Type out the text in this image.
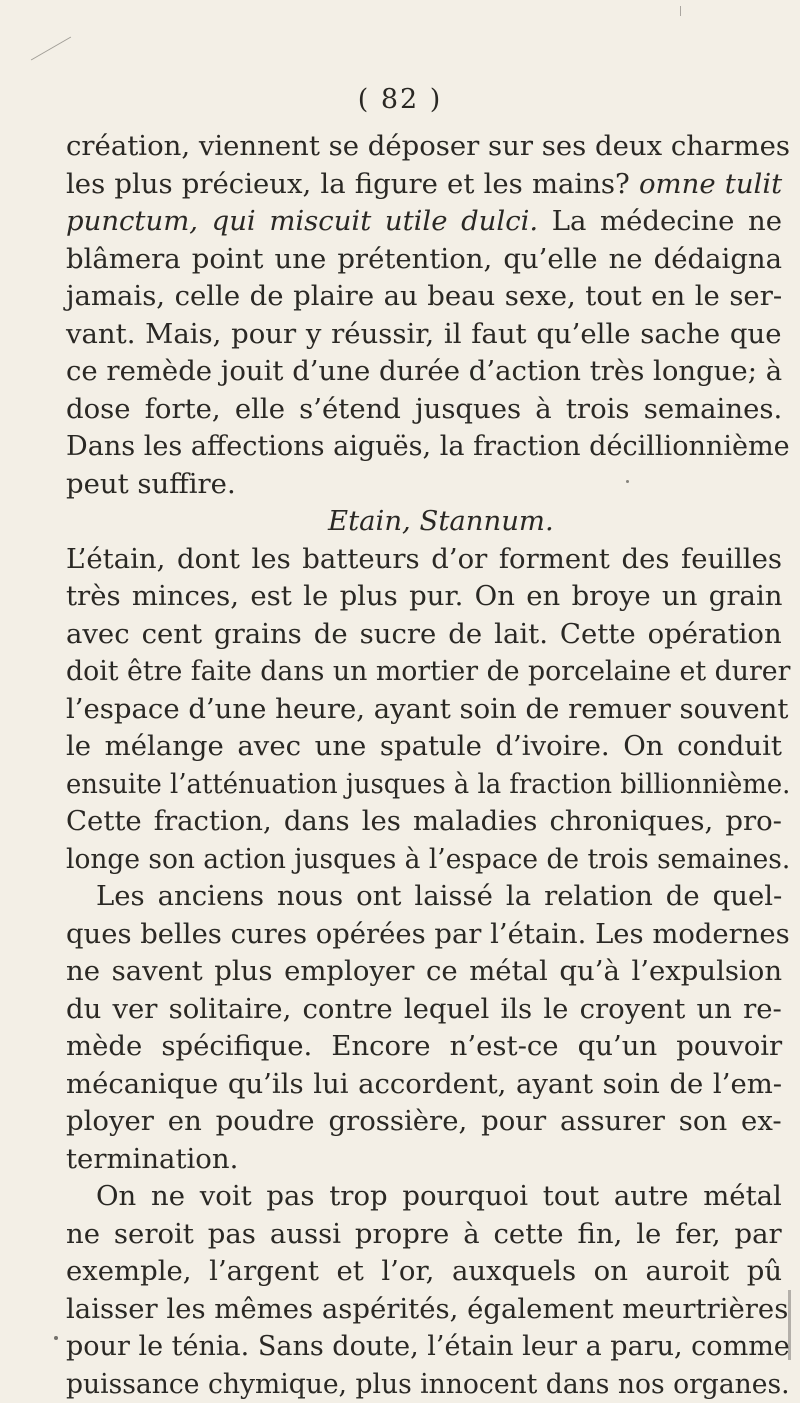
( 82 )
création, viennent se déposer sur ses deux charmes
les plus précieux, la figure et les mains? omne tulit
punctum, qui miscuit utile dulci. La médecine ne
blâmera point une prétention, qu’elle ne dédaigna
jamais, celle de plaire au beau sexe, tout en le ser-
vant. Mais, pour y réussir, il faut qu’elle sache que
ce remède jouit d’une durée d’action très longue; à
dose forte, elle s’étend jusques à trois semaines.
Dans les affections aiguës, la fraction décillionnième
peut suffire.
Etain, Stannum.
L’étain, dont les batteurs d’or forment des feuilles
très minces, est le plus pur. On en broye un grain
avec cent grains de sucre de lait. Cette opération
doit être faite dans un mortier de porcelaine et durer
l’espace d’une heure, ayant soin de remuer souvent
le mélange avec une spatule d’ivoire. On conduit
ensuite l’atténuation jusques à la fraction billionnième.
Cette fraction, dans les maladies chroniques, pro-
longe son action jusques à l’espace de trois semaines.
Les anciens nous ont laissé la relation de quel-
ques belles cures opérées par l’étain. Les modernes
ne savent plus employer ce métal qu’à l’expulsion
du ver solitaire, contre lequel ils le croyent un re-
mède spécifique. Encore n’est-ce qu’un pouvoir
mécanique qu’ils lui accordent, ayant soin de l’em-
ployer en poudre grossière, pour assurer son ex-
termination.
On ne voit pas trop pourquoi tout autre métal
ne seroit pas aussi propre à cette fin, le fer, par
exemple, l’argent et l’or, auxquels on auroit pû
laisser les mêmes aspérités, également meurtrières
pour le ténia. Sans doute, l’étain leur a paru, comme
puissance chymique, plus innocent dans nos organes.
